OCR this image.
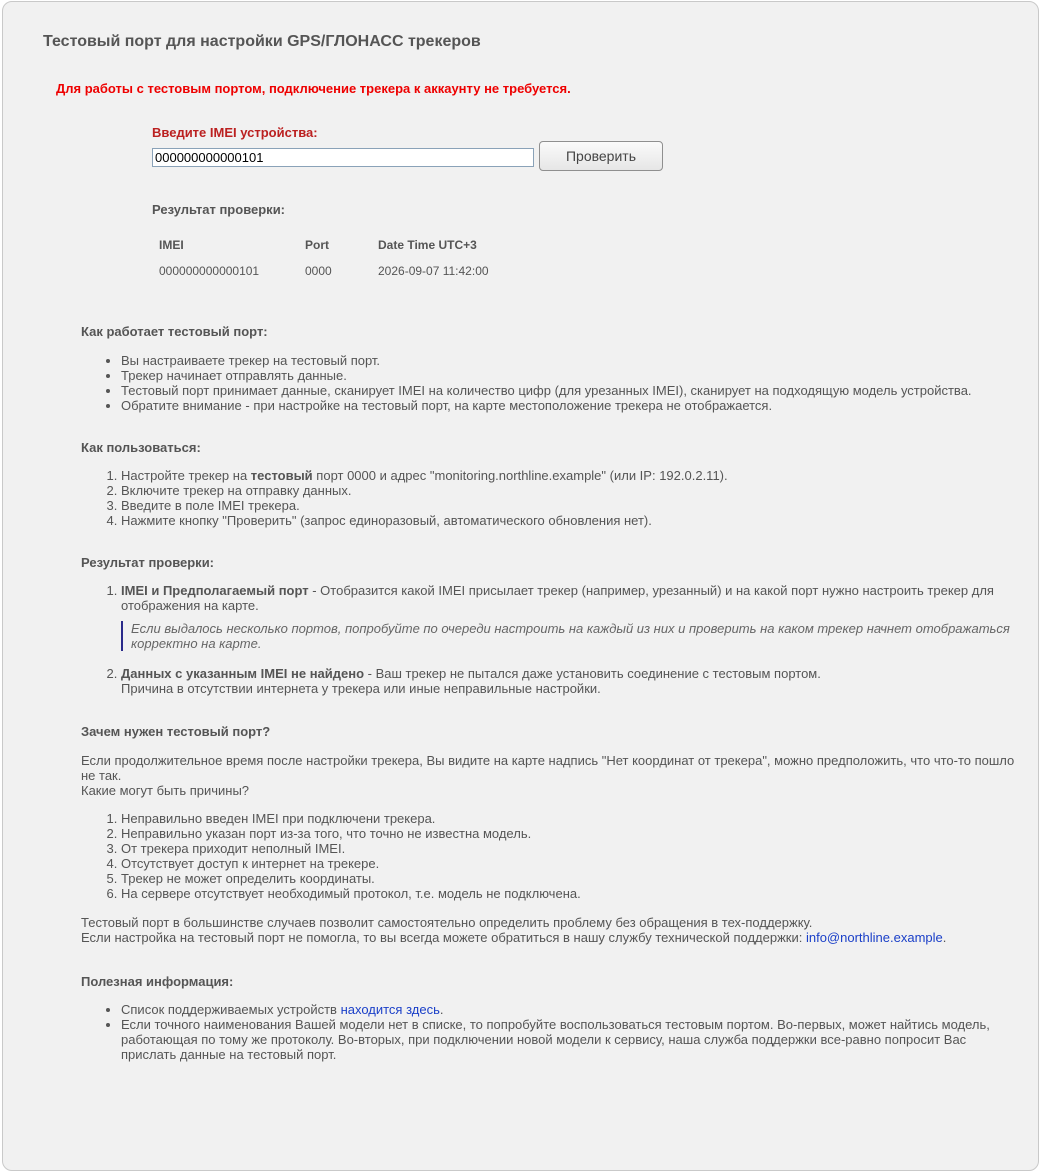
Тестовый порт для настройки GPS/ГЛОНАСС трекеров
Для работы с тестовым портом, подключение трекера к аккаунту не требуется.
Введите IMEI устройства:
000000000000101
Проверить
Результат проверки:
IMEI	Port	Date Time UTC+3
000000000000101	0000	2026-09-07 11:42:00
Как работает тестовый порт:
• Вы настраиваете трекер на тестовый порт.
• Трекер начинает отправлять данные.
• Тестовый порт принимает данные, сканирует IMEI на количество цифр (для урезанных IMEI), сканирует на подходящую модель устройства.
• Обратите внимание - при настройке на тестовый порт, на карте местоположение трекера не отображается.
Как пользоваться:
1. Настройте трекер на тестовый порт 0000 и адрес "monitoring.northline.example" (или IP: 192.0.2.11).
2. Включите трекер на отправку данных.
3. Введите в поле IMEI трекера.
4. Нажмите кнопку "Проверить" (запрос единоразовый, автоматического обновления нет).
Результат проверки:
1. IMEI и Предполагаемый порт - Отобразится какой IMEI присылает трекер (например, урезанный) и на какой порт нужно настроить трекер для отображения на карте.
Если выдалось несколько портов, попробуйте по очереди настроить на каждый из них и проверить на каком трекер начнет отображаться корректно на карте.
2. Данных с указанным IMEI не найдено - Ваш трекер не пытался даже установить соединение с тестовым портом.
Причина в отсутствии интернета у трекера или иные неправильные настройки.
Зачем нужен тестовый порт?

Если продолжительное время после настройки трекера, Вы видите на карте надпись "Нет координат от трекера", можно предположить, что что-то пошло не так.

Какие могут быть причины?

1. Неправильно введен IMEI при подключени трекера.
2. Неправильно указан порт из-за того, что точно не известна модель.
3. От трекера приходит неполный IMEI.
4. Отсутствует доступ к интернет на трекере.
5. Трекер не может определить координаты.
6. На сервере отсутствует необходимый протокол, т.е. модель не подключена.

Тестовый порт в большинстве случаев позволит самостоятельно определить проблему без обращения в тех-поддержку.

Если настройка на тестовый порт не помогла, то вы всегда можете обратиться в нашу службу технической поддержки: info@northline.example.

Полезная информация:
• Список поддерживаемых устройств находится здесь.
• Если точного наименования Вашей модели нет в списке, то попробуйте воспользоваться тестовым портом. Во-первых, может найтись модель, работающая по тому же протоколу. Во-вторых, при подключении новой модели к сервису, наша служба поддержки все-равно попросит Вас прислать данные на тестовый порт.
